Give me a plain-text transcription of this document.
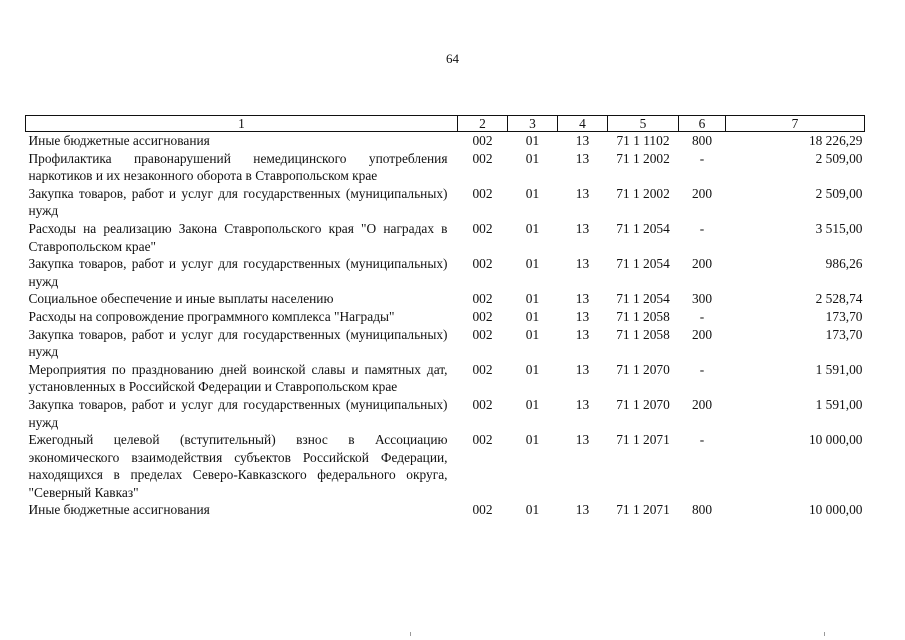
64
1	2	3	4	5	6	7
Иные бюджетные ассигнования	002	01	13	71 1 1102	800	18 226,29
Профилактика правонарушений немедицинского употребления наркотиков и их незаконного оборота в Ставропольском крае	002	01	13	71 1 2002	-	2 509,00
Закупка товаров, работ и услуг для государственных (муниципальных) нужд	002	01	13	71 1 2002	200	2 509,00
Расходы на реализацию Закона Ставропольского края "О наградах в Ставропольском крае"	002	01	13	71 1 2054	-	3 515,00
Закупка товаров, работ и услуг для государственных (муниципальных) нужд	002	01	13	71 1 2054	200	986,26
Социальное обеспечение и иные выплаты населению	002	01	13	71 1 2054	300	2 528,74
Расходы на сопровождение программного комплекса "Награды"	002	01	13	71 1 2058	-	173,70
Закупка товаров, работ и услуг для государственных (муниципальных) нужд	002	01	13	71 1 2058	200	173,70
Мероприятия по празднованию дней воинской славы и памятных дат, установленных в Российской Федерации и Ставропольском крае	002	01	13	71 1 2070	-	1 591,00
Закупка товаров, работ и услуг для государственных (муниципальных) нужд	002	01	13	71 1 2070	200	1 591,00
Ежегодный целевой (вступительный) взнос в Ассоциацию экономического взаимодействия субъектов Российской Федерации, находящихся в пределах Северо-Кавказского федерального округа, "Северный Кавказ"	002	01	13	71 1 2071	-	10 000,00
Иные бюджетные ассигнования	002	01	13	71 1 2071	800	10 000,00
